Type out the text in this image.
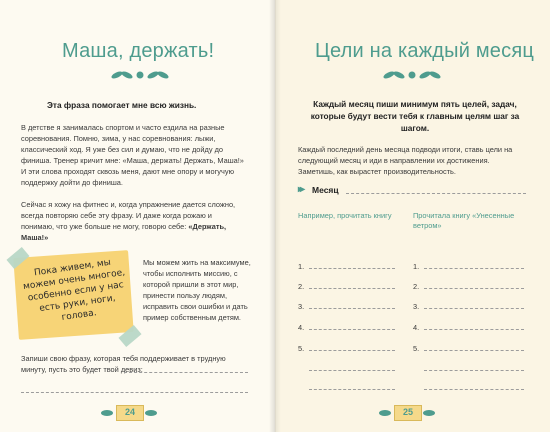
Маша, держать!
Эта фраза помогает мне всю жизнь.
В детстве я занималась спортом и часто ездила на разные соревнования. Помню, зима, у нас соревнования: лыжи, классический ход. Я уже без сил и думаю, что не дойду до финиша. Тренер кричит мне: «Маша, держать! Держать, Маша!» И эти слова проходят сквозь меня, дают мне опору и могучую поддержку дойти до финиша.
Сейчас я хожу на фитнес и, когда упражнение дается сложно, всегда повторяю себе эту фразу. И даже когда рожаю и понимаю, что уже больше не могу, говорю себе: «Держать, Маша!»
Пока живем, мы можем очень многое, особенно если у нас есть руки, ноги, голова.
Мы можем жить на максимуме, чтобы исполнить миссию, с которой пришли в этот мир, принести пользу людям, исправить свои ошибки и дать пример собственным детям.
Запиши свою фразу, которая тебя поддерживает в трудную минуту, пусть это будет твой девиз:
24
Цели на каждый месяц
Каждый месяц пиши минимум пять целей, задач, которые будут вести тебя к главным целям шаг за шагом.
Каждый последний день месяца подводи итоги, ставь цели на следующий месяц и иди в направлении их достижения. Заметишь, как вырастет производительность.
▸▸ Месяц
Например, прочитать книгу	Прочитала книгу «Унесенные ветром»
1.
2.
3.
4.
5.
1.
2.
3.
4.
5.
25
